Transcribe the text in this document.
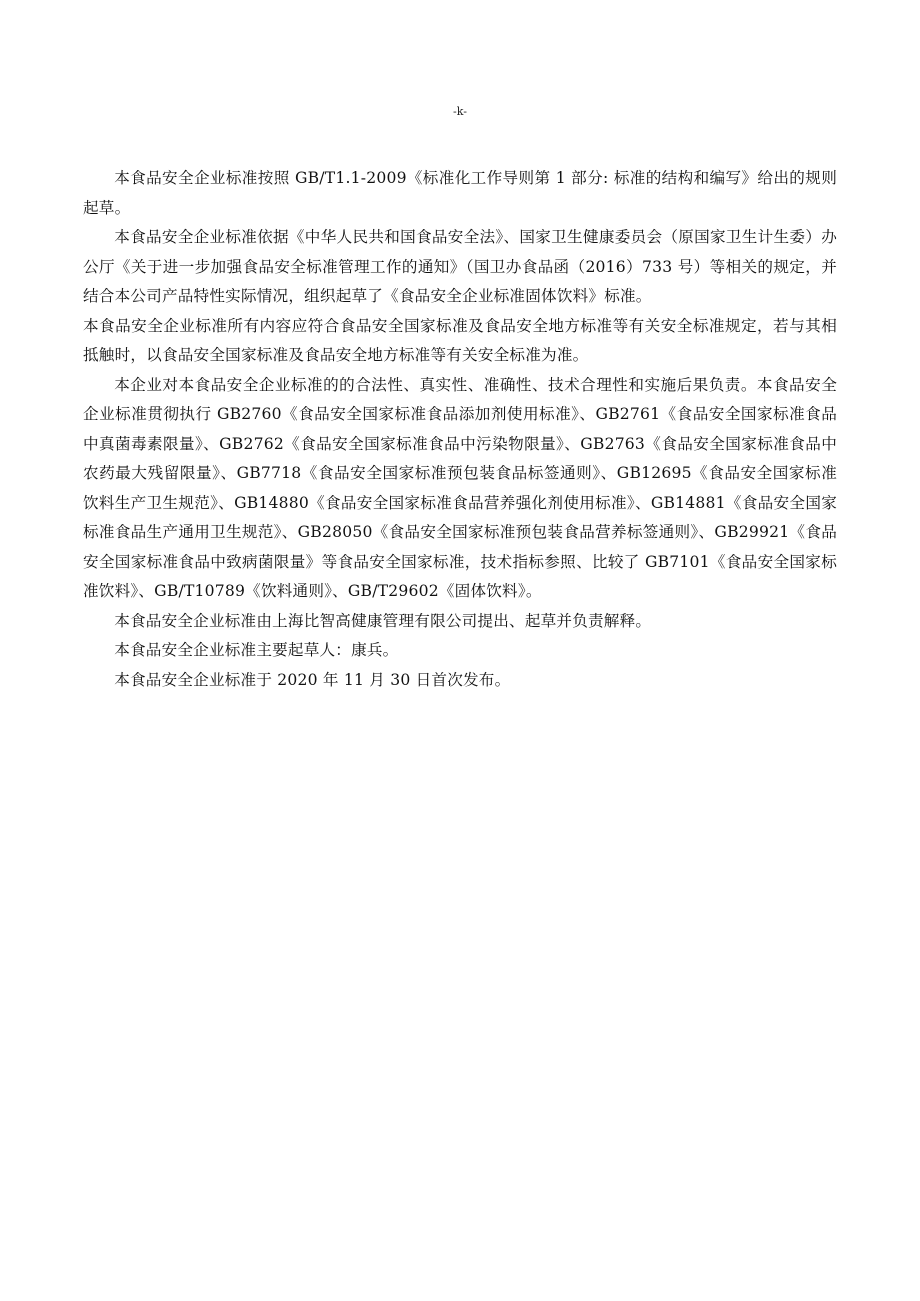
-k-

本食品安全企业标准按照 GB/T1.1-2009《标准化工作导则第 1 部分: 标准的结构和编写》给出的规则起草。

本食品安全企业标准依据《中华人民共和国食品安全法》、国家卫生健康委员会（原国家卫生计生委）办公厅《关于进一步加强食品安全标准管理工作的通知》（国卫办食品函（2016）733 号）等相关的规定，并结合本公司产品特性实际情况，组织起草了《食品安全企业标准固体饮料》标准。

本食品安全企业标准所有内容应符合食品安全国家标准及食品安全地方标准等有关安全标准规定，若与其相抵触时，以食品安全国家标准及食品安全地方标准等有关安全标准为准。

本企业对本食品安全企业标准的的合法性、真实性、准确性、技术合理性和实施后果负责。本食品安全企业标准贯彻执行 GB2760《食品安全国家标准食品添加剂使用标准》、GB2761《食品安全国家标准食品中真菌毒素限量》、GB2762《食品安全国家标准食品中污染物限量》、GB2763《食品安全国家标准食品中农药最大残留限量》、GB7718《食品安全国家标准预包装食品标签通则》、GB12695《食品安全国家标准饮料生产卫生规范》、GB14880《食品安全国家标准食品营养强化剂使用标准》、GB14881《食品安全国家标准食品生产通用卫生规范》、GB28050《食品安全国家标准预包装食品营养标签通则》、GB29921《食品安全国家标准食品中致病菌限量》等食品安全国家标准，技术指标参照、比较了 GB7101《食品安全国家标准饮料》、GB/T10789《饮料通则》、GB/T29602《固体饮料》。

本食品安全企业标准由上海比智高健康管理有限公司提出、起草并负责解释。

本食品安全企业标准主要起草人：康兵。

本食品安全企业标准于 2020 年 11 月 30 日首次发布。
